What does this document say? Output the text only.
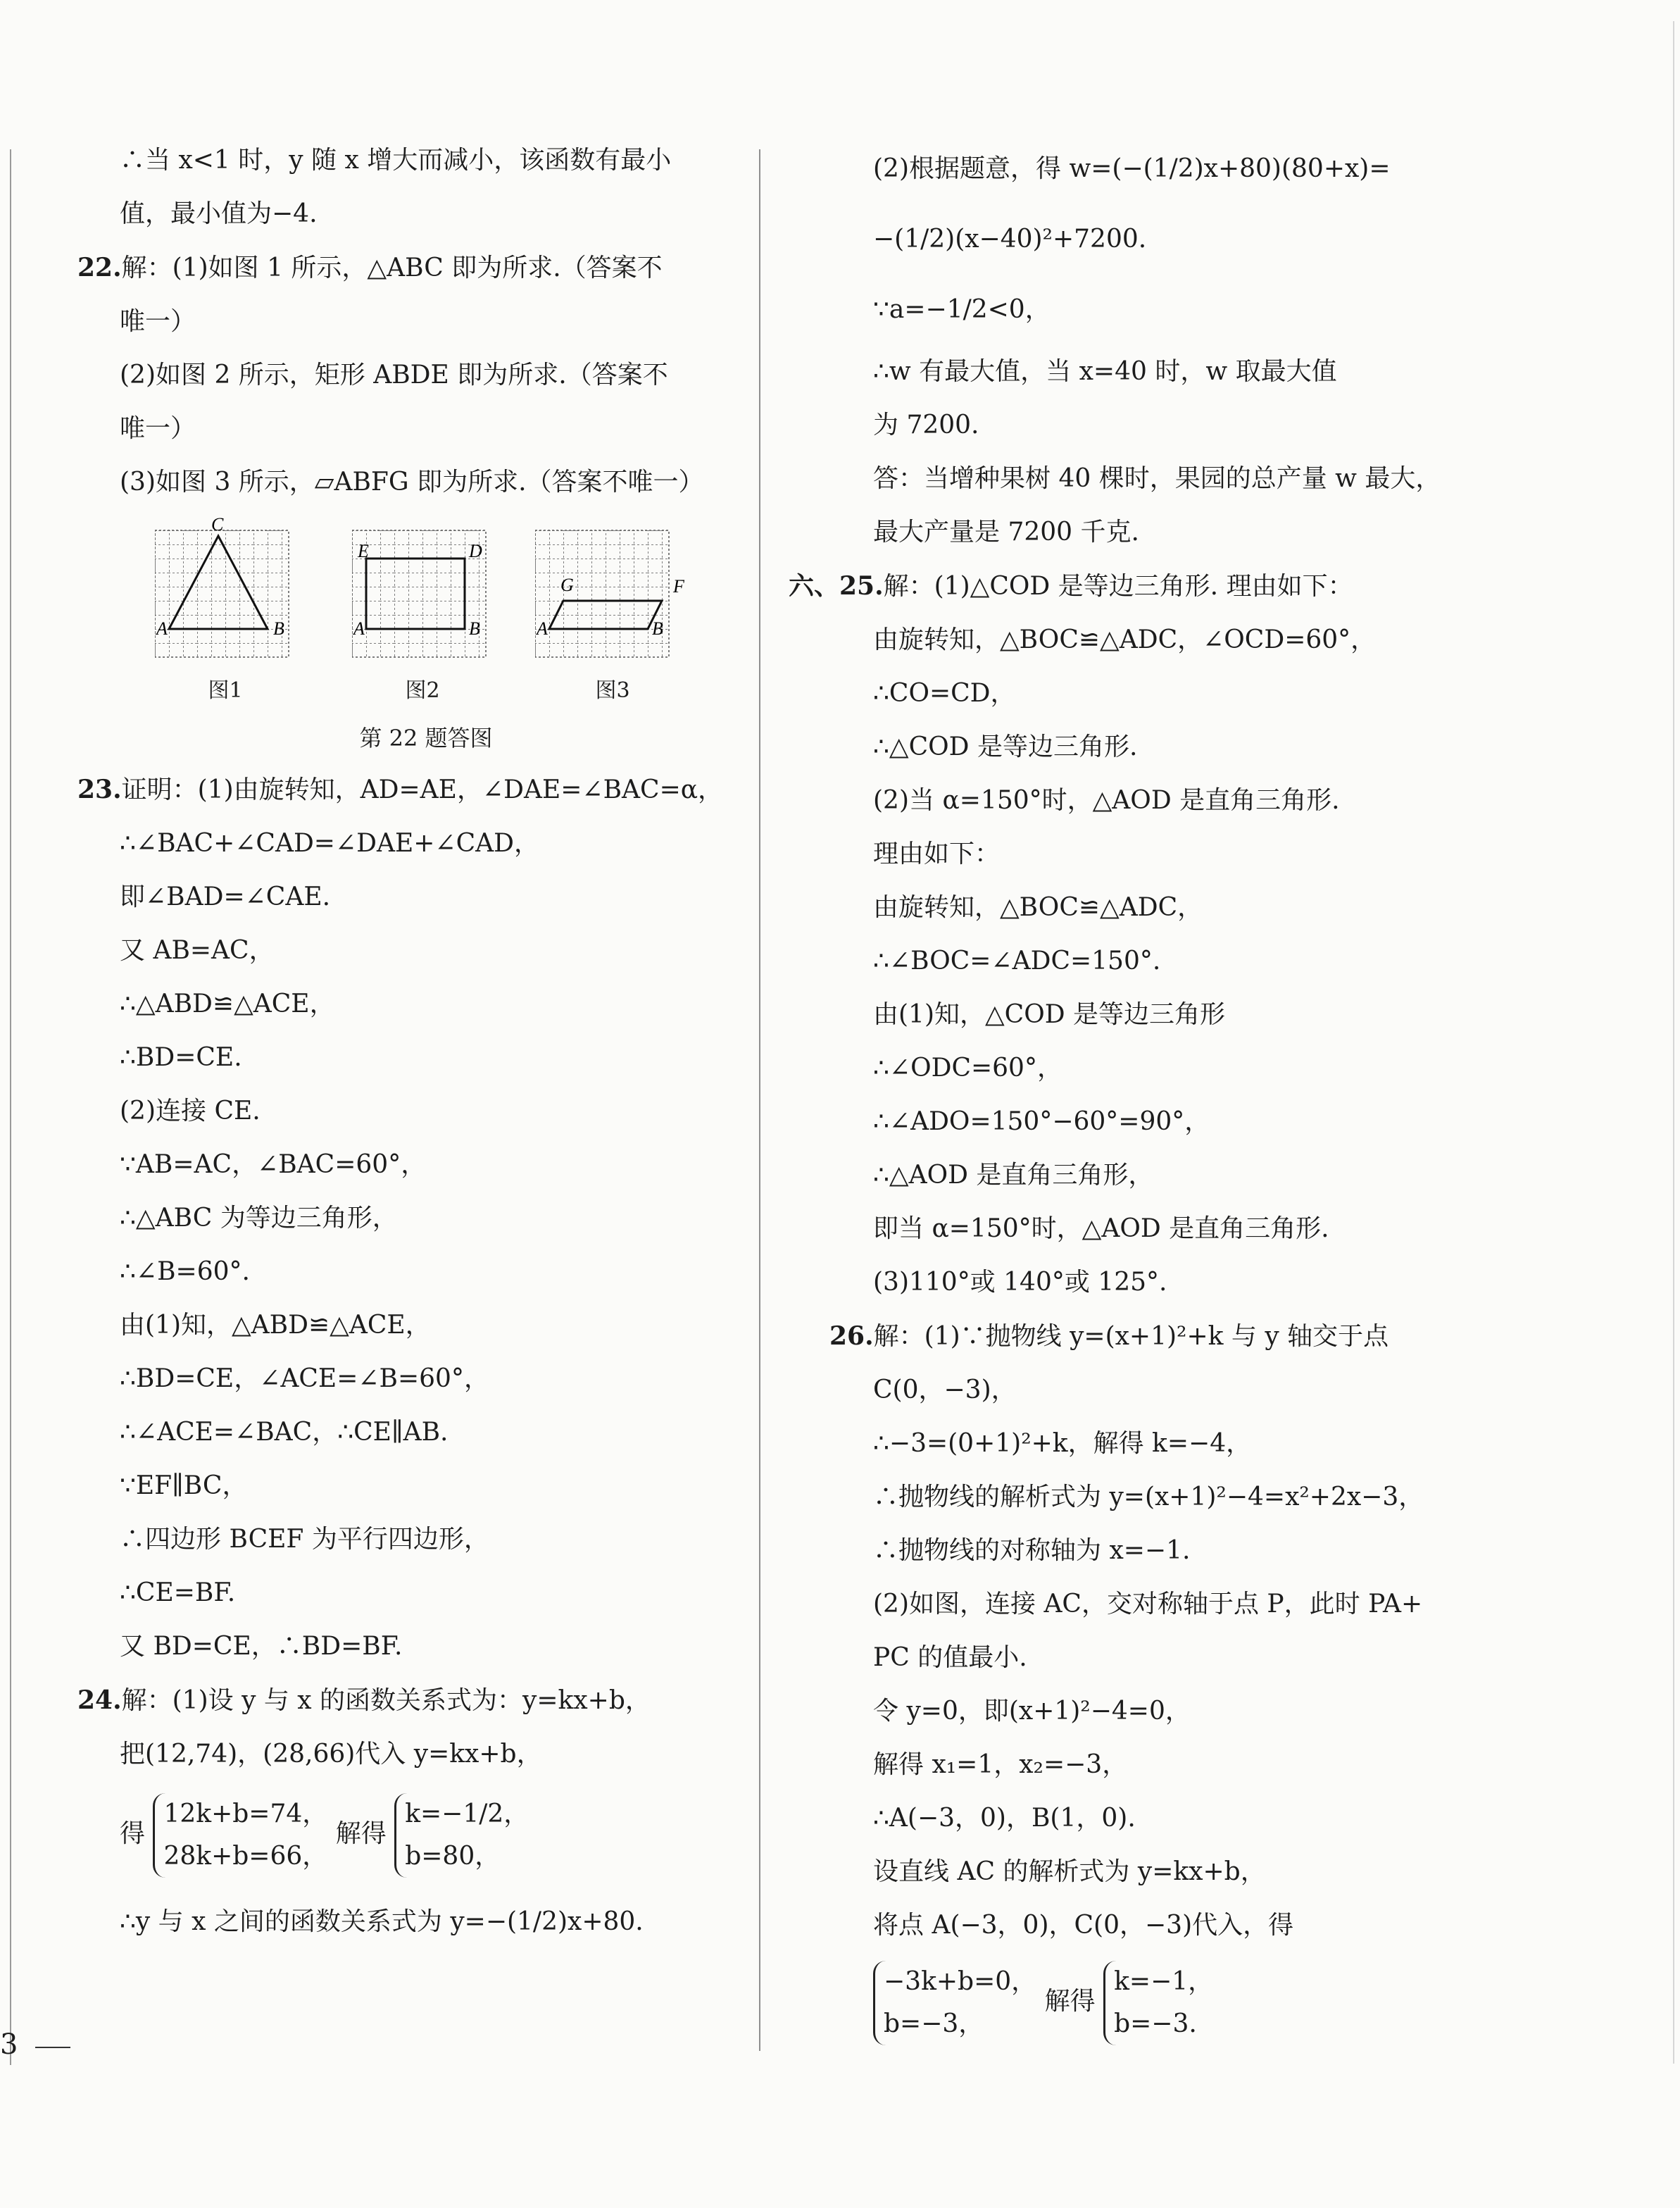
∴当 x<1 时，y 随 x 增大而减小，该函数有最小
值，最小值为−4.
22.解：(1)如图 1 所示，△ABC 即为所求.（答案不
唯一）
(2)如图 2 所示，矩形 ABDE 即为所求.（答案不
唯一）
(3)如图 3 所示，▱ABFG 即为所求.（答案不唯一）
C
A	B
图1
E	D
A	B
图2
G	F
A	B
图3
第 22 题答图
23.证明：(1)由旋转知，AD=AE，∠DAE=∠BAC=α，
∴∠BAC+∠CAD=∠DAE+∠CAD，
即∠BAD=∠CAE.
又 AB=AC，
∴△ABD≌△ACE，
∴BD=CE.
(2)连接 CE.
∵AB=AC，∠BAC=60°，
∴△ABC 为等边三角形，
∴∠B=60°.
由(1)知，△ABD≌△ACE，
∴BD=CE，∠ACE=∠B=60°，
∴∠ACE=∠BAC，∴CE∥AB.
∵EF∥BC，
∴四边形 BCEF 为平行四边形，
∴CE=BF.
又 BD=CE，∴BD=BF.
24.解：(1)设 y 与 x 的函数关系式为：y=kx+b，
把(12,74)，(28,66)代入 y=kx+b，
得
12k+b=74，
28k+b=66，
解得
k=−1/2，
b=80，
∴y 与 x 之间的函数关系式为 y=−(1/2)x+80.
(2)根据题意，得 w=(−(1/2)x+80)(80+x)=
−(1/2)(x−40)²+7200.
∵a=−1/2<0，
∴w 有最大值，当 x=40 时，w 取最大值
为 7200.
答：当增种果树 40 棵时，果园的总产量 w 最大，
最大产量是 7200 千克.
六、25.解：(1)△COD 是等边三角形. 理由如下：
由旋转知，△BOC≌△ADC，∠OCD=60°，
∴CO=CD，
∴△COD 是等边三角形.
(2)当 α=150°时，△AOD 是直角三角形.
理由如下：
由旋转知，△BOC≌△ADC，
∴∠BOC=∠ADC=150°.
由(1)知，△COD 是等边三角形
∴∠ODC=60°，
∴∠ADO=150°−60°=90°，
∴△AOD 是直角三角形，
即当 α=150°时，△AOD 是直角三角形.
(3)110°或 140°或 125°.
26.解：(1)∵抛物线 y=(x+1)²+k 与 y 轴交于点
C(0，−3)，
∴−3=(0+1)²+k，解得 k=−4，
∴抛物线的解析式为 y=(x+1)²−4=x²+2x−3，
∴抛物线的对称轴为 x=−1.
(2)如图，连接 AC，交对称轴于点 P，此时 PA+
PC 的值最小.
令 y=0，即(x+1)²−4=0，
解得 x₁=1，x₂=−3，
∴A(−3，0)，B(1，0).
设直线 AC 的解析式为 y=kx+b，
将点 A(−3，0)，C(0，−3)代入，得
−3k+b=0，
b=−3，
解得
k=−1，
b=−3.
3
